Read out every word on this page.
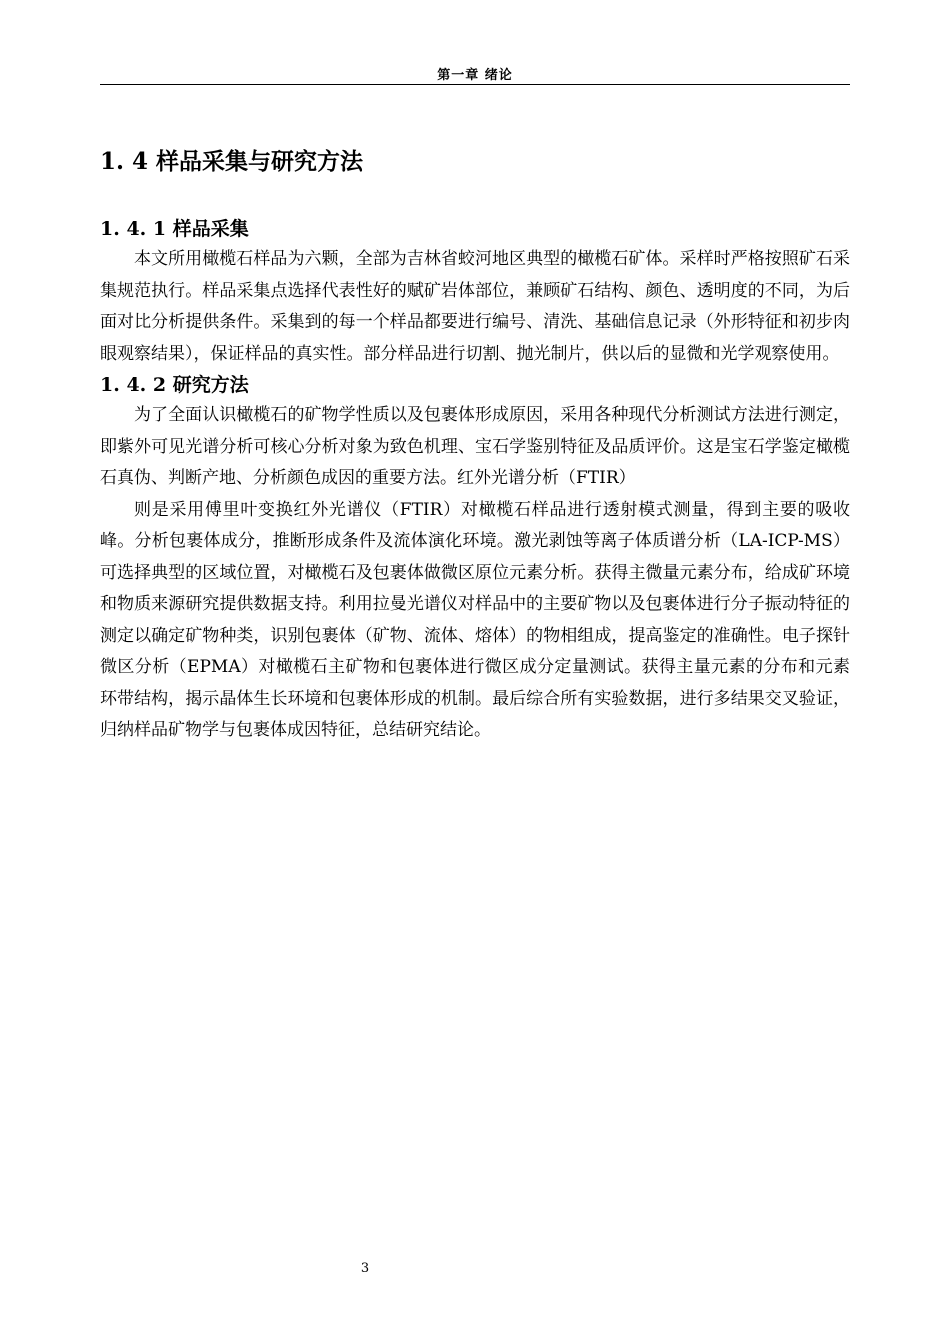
第一章 绪论
1. 4 样品采集与研究方法
1. 4. 1 样品采集

本文所用橄榄石样品为六颗，全部为吉林省蛟河地区典型的橄榄石矿体。采样时严格按照矿石采集规范执行。样品采集点选择代表性好的赋矿岩体部位，兼顾矿石结构、颜色、透明度的不同，为后面对比分析提供条件。采集到的每一个样品都要进行编号、清洗、基础信息记录（外形特征和初步肉眼观察结果），保证样品的真实性。部分样品进行切割、抛光制片，供以后的显微和光学观察使用。

1. 4. 2 研究方法

为了全面认识橄榄石的矿物学性质以及包裹体形成原因，采用各种现代分析测试方法进行测定，即紫外可见光谱分析可核心分析对象为致色机理、宝石学鉴别特征及品质评价。这是宝石学鉴定橄榄石真伪、判断产地、分析颜色成因的重要方法。红外光谱分析（FTIR）

则是采用傅里叶变换红外光谱仪（FTIR）对橄榄石样品进行透射模式测量，得到主要的吸收峰。分析包裹体成分，推断形成条件及流体演化环境。激光剥蚀等离子体质谱分析（LA-ICP-MS）可选择典型的区域位置，对橄榄石及包裹体做微区原位元素分析。获得主微量元素分布，给成矿环境和物质来源研究提供数据支持。利用拉曼光谱仪对样品中的主要矿物以及包裹体进行分子振动特征的测定以确定矿物种类，识别包裹体（矿物、流体、熔体）的物相组成，提高鉴定的准确性。电子探针微区分析（EPMA）对橄榄石主矿物和包裹体进行微区成分定量测试。获得主量元素的分布和元素环带结构，揭示晶体生长环境和包裹体形成的机制。最后综合所有实验数据，进行多结果交叉验证，归纳样品矿物学与包裹体成因特征，总结研究结论。

3
